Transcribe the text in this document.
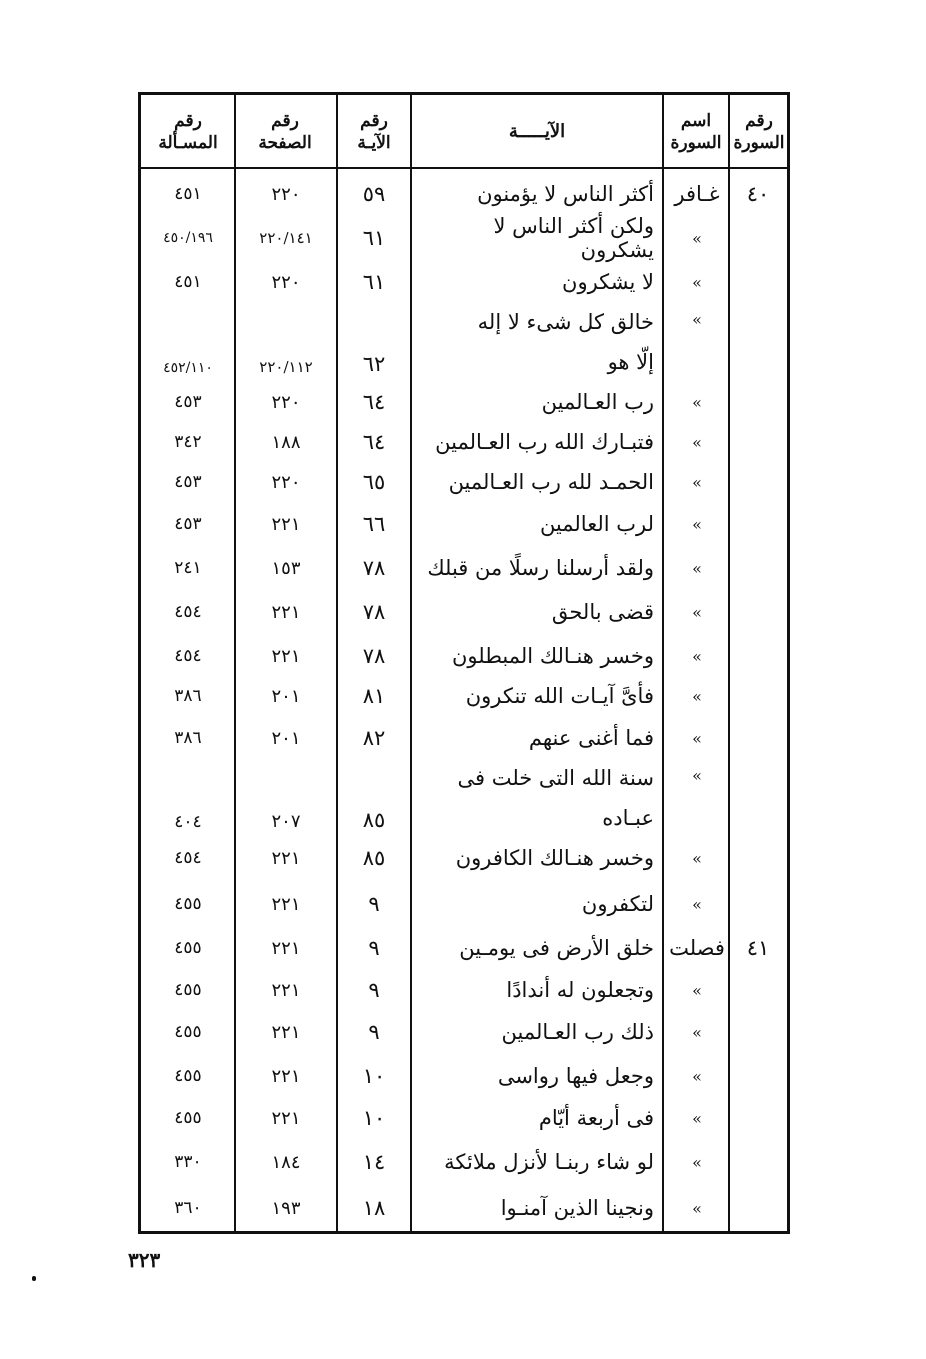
رقم
السورة
اسم
السورة
الآيـــــة
رقم
الآيـة
رقم
الصفحة
رقم
المسـألة
٤٠
غـافر
أكثر الناس لا يؤمنون
٥٩
٢٢٠
٤٥١
»
ولكن أكثر الناس لا يشكرون
٦١
٢٢٠/١٤١
٤٥٠/١٩٦
»
لا يشكرون
٦١
٢٢٠
٤٥١
»
خالق كل شىء لا إله إلّا هو
٦٢
٢٢٠/١١٢
٤٥٢/١١٠
»
رب العـالمين
٦٤
٢٢٠
٤٥٣
»
فتبـارك الله رب العـالمين
٦٤
١٨٨
٣٤٢
»
الحمـد لله رب العـالمين
٦٥
٢٢٠
٤٥٣
»
لرب العالمين
٦٦
٢٢١
٤٥٣
»
ولقد أرسلنا رسلًا من قبلك
٧٨
١٥٣
٢٤١
»
قضى بالحق
٧٨
٢٢١
٤٥٤
»
وخسر هنـالك المبطلون
٧٨
٢٢١
٤٥٤
»
فأىَّ آيـات الله تنكرون
٨١
٢٠١
٣٨٦
»
فما أغنى عنهم
٨٢
٢٠١
٣٨٦
»
سنة الله التى خلت فى عبـاده
٨٥
٢٠٧
٤٠٤
»
وخسر هنـالك الكافرون
٨٥
٢٢١
٤٥٤
»
لتكفرون
٩
٢٢١
٤٥٥
٤١
فصلت
خلق الأرض فى يومـين
٩
٢٢١
٤٥٥
»
وتجعلون له أندادًا
٩
٢٢١
٤٥٥
»
ذلك رب العـالمين
٩
٢٢١
٤٥٥
»
وجعل فيها رواسى
١٠
٢٢١
٤٥٥
»
فى أربعة أيّام
١٠
٢٢١
٤٥٥
»
لو شاء ربنـا لأنزل ملائكة
١٤
١٨٤
٣٣٠
»
ونجينا الذين آمنـوا
١٨
١٩٣
٣٦٠
٣٢٣
